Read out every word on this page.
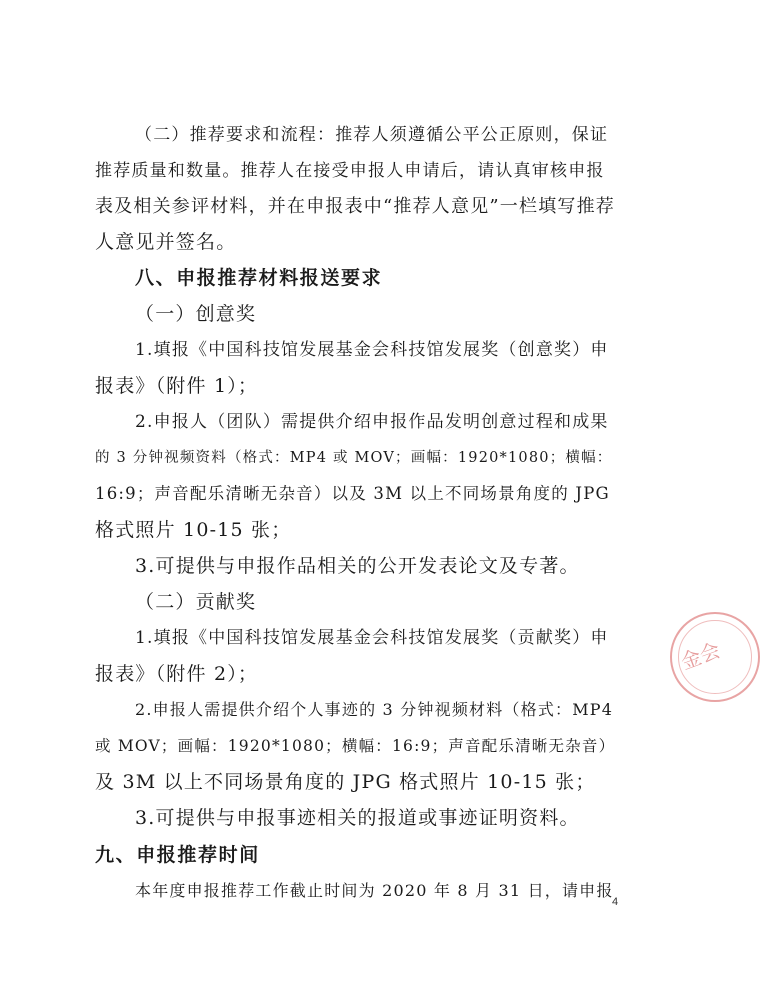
（二）推荐要求和流程：推荐人须遵循公平公正原则，保证
推荐质量和数量。推荐人在接受申报人申请后，请认真审核申报
表及相关参评材料，并在申报表中“推荐人意见”一栏填写推荐
人意见并签名。
八、申报推荐材料报送要求
（一）创意奖
1.填报《中国科技馆发展基金会科技馆发展奖（创意奖）申
报表》（附件 1）；
2.申报人（团队）需提供介绍申报作品发明创意过程和成果
的 3 分钟视频资料（格式：MP4 或 MOV；画幅：1920*1080；横幅：
16:9；声音配乐清晰无杂音）以及 3M 以上不同场景角度的 JPG
格式照片 10-15 张；
3.可提供与申报作品相关的公开发表论文及专著。
（二）贡献奖
1.填报《中国科技馆发展基金会科技馆发展奖（贡献奖）申
报表》（附件 2）；
2.申报人需提供介绍个人事迹的 3 分钟视频材料（格式：MP4
或 MOV；画幅：1920*1080；横幅：16:9；声音配乐清晰无杂音）
及 3M 以上不同场景角度的 JPG 格式照片 10-15 张；
3.可提供与申报事迹相关的报道或事迹证明资料。
九、申报推荐时间
本年度申报推荐工作截止时间为 2020 年 8 月 31 日，请申报
金会
4
